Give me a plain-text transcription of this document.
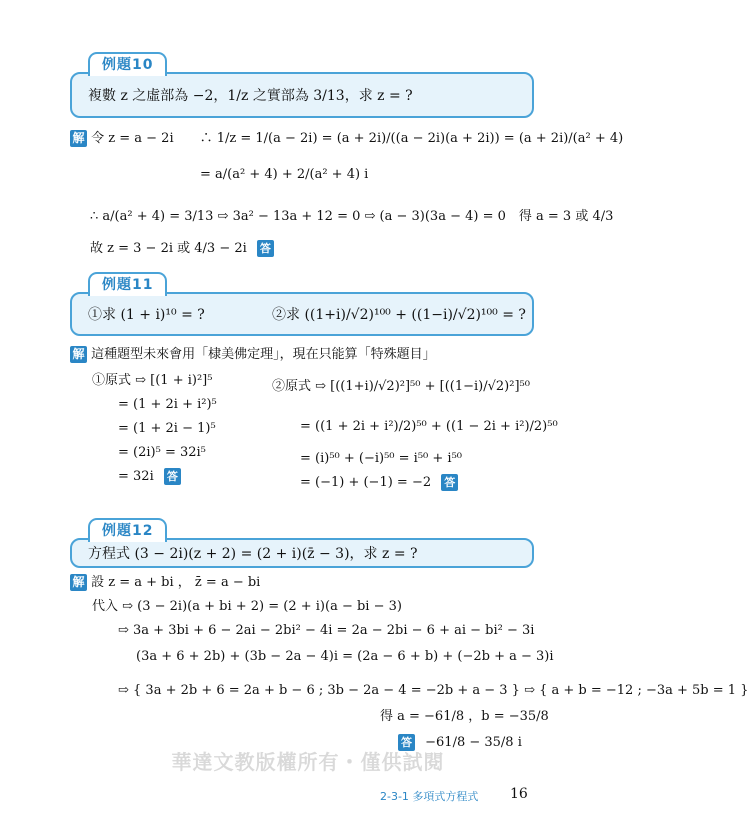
例題10
複數 z 之虛部為 −2，1/z 之實部為 3/13，求 z = ?
解 令 z = a − 2i　　∴ 1/z = 1/(a − 2i) = (a + 2i)/((a − 2i)(a + 2i)) = (a + 2i)/(a² + 4)
= a/(a² + 4) + 2/(a² + 4) i
∴ a/(a² + 4) = 3/13 ⇨ 3a² − 13a + 12 = 0 ⇨ (a − 3)(3a − 4) = 0　得 a = 3 或 4/3
故 z = 3 − 2i 或 4/3 − 2i 答
例題11
①求 (1 + i)¹⁰ = ?	②求 ((1+i)/√2)¹⁰⁰ + ((1−i)/√2)¹⁰⁰ = ?
解 這種題型未來會用「棣美佛定理」，現在只能算「特殊題目」
①原式 ⇨ [(1 + i)²]⁵
= (1 + 2i + i²)⁵
= (1 + 2i − 1)⁵
= (2i)⁵ = 32i⁵
= 32i 答
②原式 ⇨ [((1+i)/√2)²]⁵⁰ + [((1−i)/√2)²]⁵⁰
= ((1 + 2i + i²)/2)⁵⁰ + ((1 − 2i + i²)/2)⁵⁰
= (i)⁵⁰ + (−i)⁵⁰ = i⁵⁰ + i⁵⁰
= (−1) + (−1) = −2 答
例題12
方程式 (3 − 2i)(z + 2) = (2 + i)(z̄ − 3)，求 z = ?
解 設 z = a + bi ， z̄ = a − bi
代入 ⇨ (3 − 2i)(a + bi + 2) = (2 + i)(a − bi − 3)
⇨ 3a + 3bi + 6 − 2ai − 2bi² − 4i = 2a − 2bi − 6 + ai − bi² − 3i
(3a + 6 + 2b) + (3b − 2a − 4)i = (2a − 6 + b) + (−2b + a − 3)i
⇨ { 3a + 2b + 6 = 2a + b − 6 ; 3b − 2a − 4 = −2b + a − 3 } ⇨ { a + b = −12 ; −3a + 5b = 1 }
得 a = −61/8 ，b = −35/8
答 −61/8 − 35/8 i
華達文教版權所有・僅供試閱
2-3-1 多項式方程式 16
